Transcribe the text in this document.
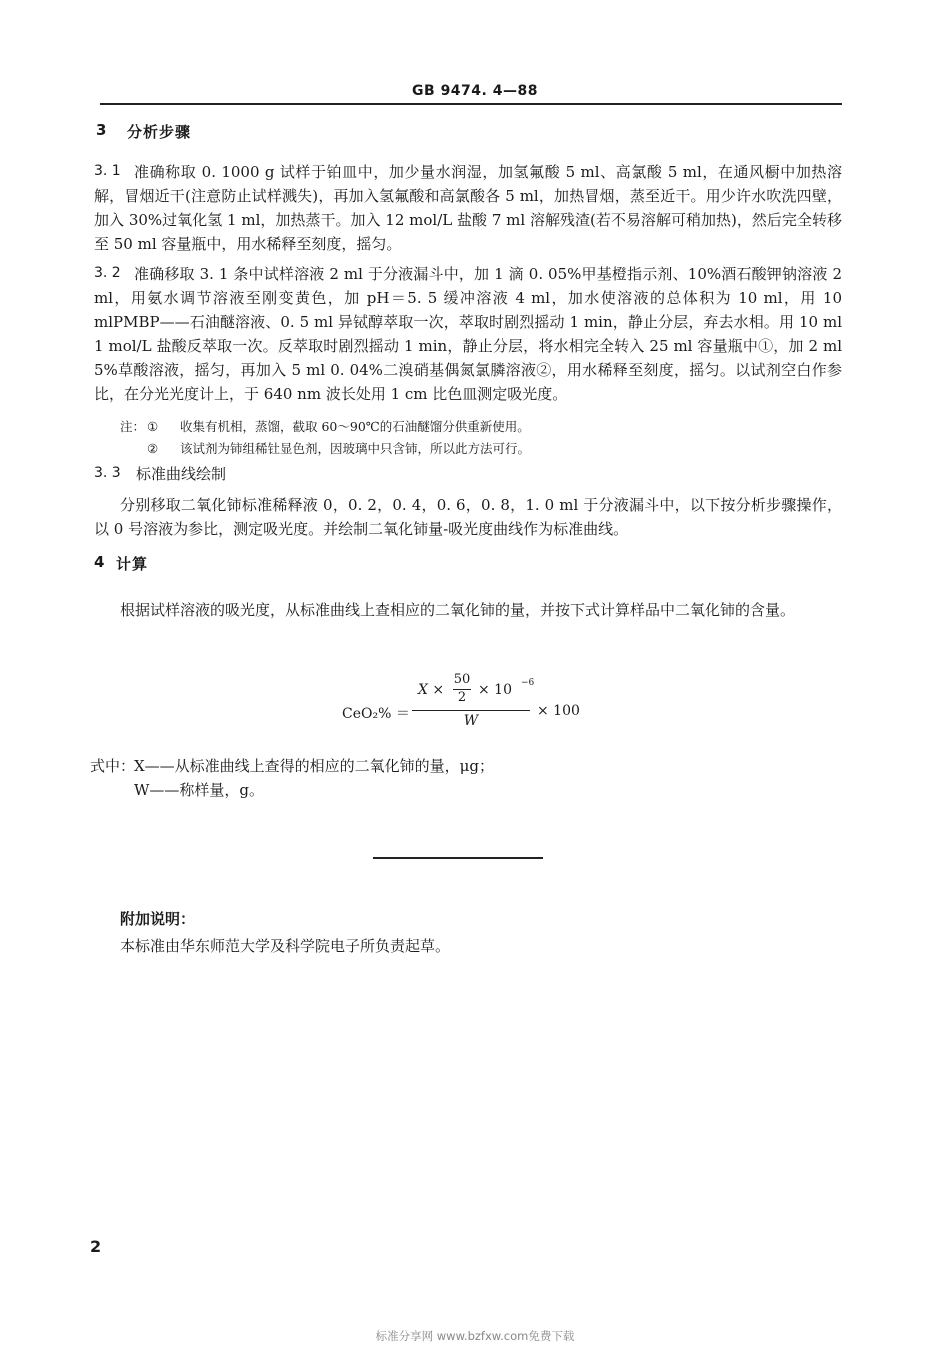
GB 9474. 4—88
3 分析步骤
3. 1 准确称取 0. 1000 g 试样于铂皿中，加少量水润湿，加氢氟酸 5 ml、高氯酸 5 ml，在通风橱中加热溶解，冒烟近干(注意防止试样溅失)，再加入氢氟酸和高氯酸各 5 ml，加热冒烟，蒸至近干。用少许水吹洗四壁，加入 30%过氧化氢 1 ml，加热蒸干。加入 12 mol/L 盐酸 7 ml 溶解残渣(若不易溶解可稍加热)，然后完全转移至 50 ml 容量瓶中，用水稀释至刻度，摇匀。
3. 2 准确移取 3. 1 条中试样溶液 2 ml 于分液漏斗中，加 1 滴 0. 05%甲基橙指示剂、10%酒石酸钾钠溶液 2 ml，用氨水调节溶液至刚变黄色，加 pH＝5. 5 缓冲溶液 4 ml，加水使溶液的总体积为 10 ml，用 10 mlPMBP——石油醚溶液、0. 5 ml 异铽醇萃取一次，萃取时剧烈摇动 1 min，静止分层，弃去水相。用 10 ml 1 mol/L 盐酸反萃取一次。反萃取时剧烈摇动 1 min，静止分层，将水相完全转入 25 ml 容量瓶中①，加 2 ml 5%草酸溶液，摇匀，再加入 5 ml 0. 04%二溴硝基偶氮氯膦溶液②，用水稀释至刻度，摇匀。以试剂空白作参比，在分光光度计上，于 640 nm 波长处用 1 cm 比色皿测定吸光度。
注： ① 收集有机相，蒸馏，截取 60～90℃的石油醚馏分供重新使用。
② 该试剂为铈组稀钍显色剂，因玻璃中只含铈，所以此方法可行。
3. 3 标准曲线绘制
分别移取二氧化铈标准稀释液 0，0. 2，0. 4，0. 6，0. 8，1. 0 ml 于分液漏斗中，以下按分析步骤操作，以 0 号溶液为参比，测定吸光度。并绘制二氧化铈量-吸光度曲线作为标准曲线。
4 计算
根据试样溶液的吸光度，从标准曲线上查相应的二氧化铈的量，并按下式计算样品中二氧化铈的含量。
CeO₂% ＝
X ×
50
2 × 10 −6
W
× 100
式中：
X——从标准曲线上查得的相应的二氧化铈的量，μg；
W——称样量，g。
附加说明：
本标准由华东师范大学及科学院电子所负责起草。
2
标准分享网 www.bzfxw.com免费下载
